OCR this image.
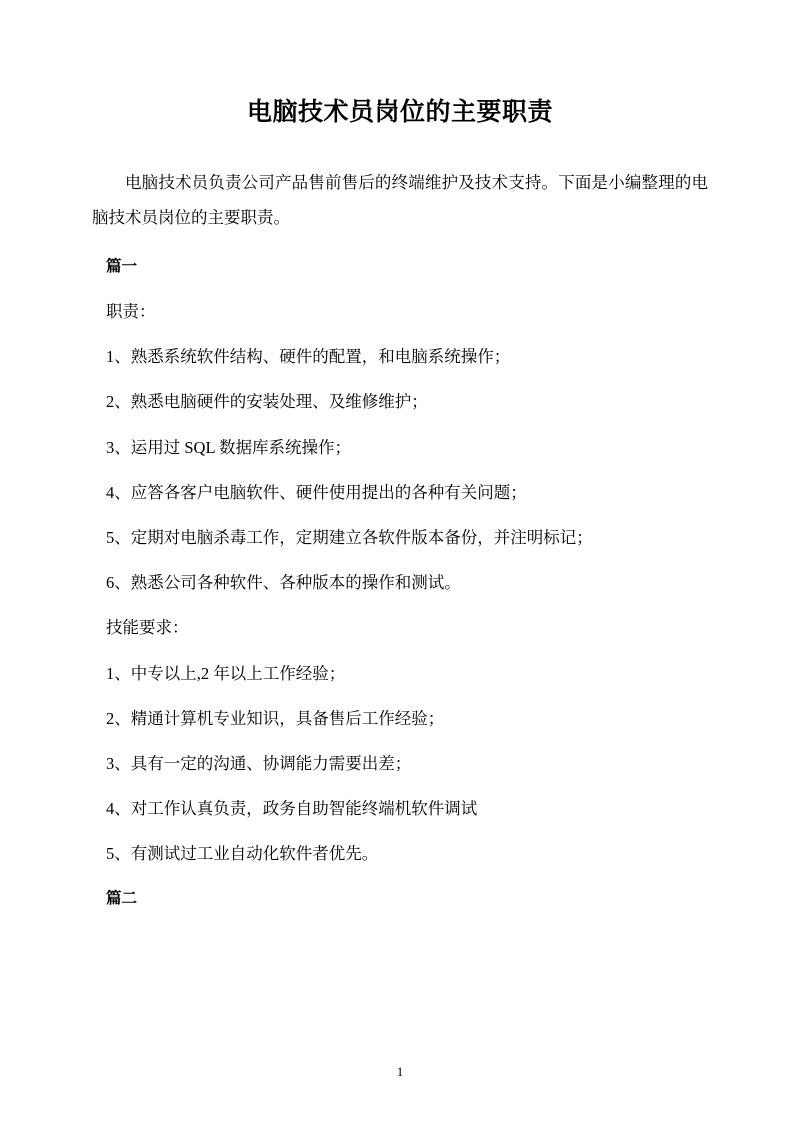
电脑技术员岗位的主要职责

电脑技术员负责公司产品售前售后的终端维护及技术支持。下面是小编整理的电脑技术员岗位的主要职责。

篇一

职责：

1、熟悉系统软件结构、硬件的配置，和电脑系统操作；

2、熟悉电脑硬件的安装处理、及维修维护；

3、运用过 SQL 数据库系统操作；

4、应答各客户电脑软件、硬件使用提出的各种有关问题；

5、定期对电脑杀毒工作，定期建立各软件版本备份，并注明标记；

6、熟悉公司各种软件、各种版本的操作和测试。

技能要求：

1、中专以上,2 年以上工作经验；

2、精通计算机专业知识，具备售后工作经验；

3、具有一定的沟通、协调能力需要出差；

4、对工作认真负责，政务自助智能终端机软件调试

5、有测试过工业自动化软件者优先。

篇二

1
